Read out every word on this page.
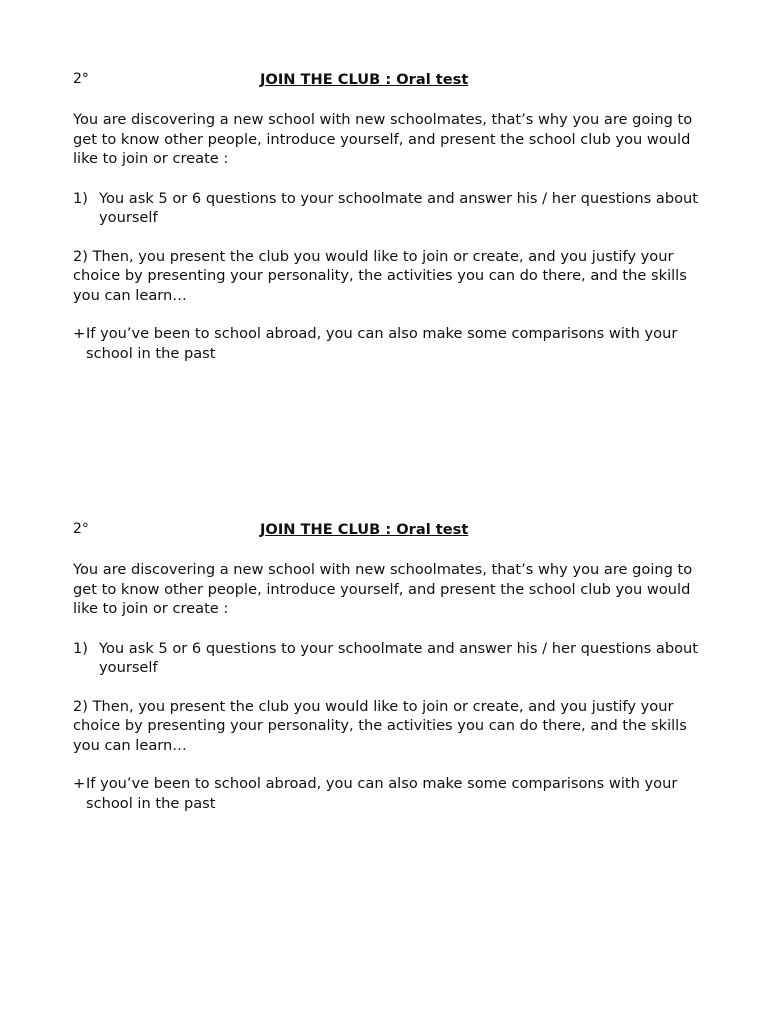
2°	JOIN THE CLUB : Oral test
You are discovering a new school with new schoolmates, that’s why you are going to get to know other people, introduce yourself, and present the school club you would like to join or create :
1) You ask 5 or 6 questions to your schoolmate and answer his / her questions about yourself
2) Then, you present the club you would like to join or create, and you justify your choice by presenting your personality, the activities you can do there, and the skills you can learn…
+ If you’ve been to school abroad, you can also make some comparisons with your school in the past
2°	JOIN THE CLUB : Oral test
You are discovering a new school with new schoolmates, that’s why you are going to get to know other people, introduce yourself, and present the school club you would like to join or create :
1) You ask 5 or 6 questions to your schoolmate and answer his / her questions about yourself
2) Then, you present the club you would like to join or create, and you justify your choice by presenting your personality, the activities you can do there, and the skills you can learn…
+ If you’ve been to school abroad, you can also make some comparisons with your school in the past
